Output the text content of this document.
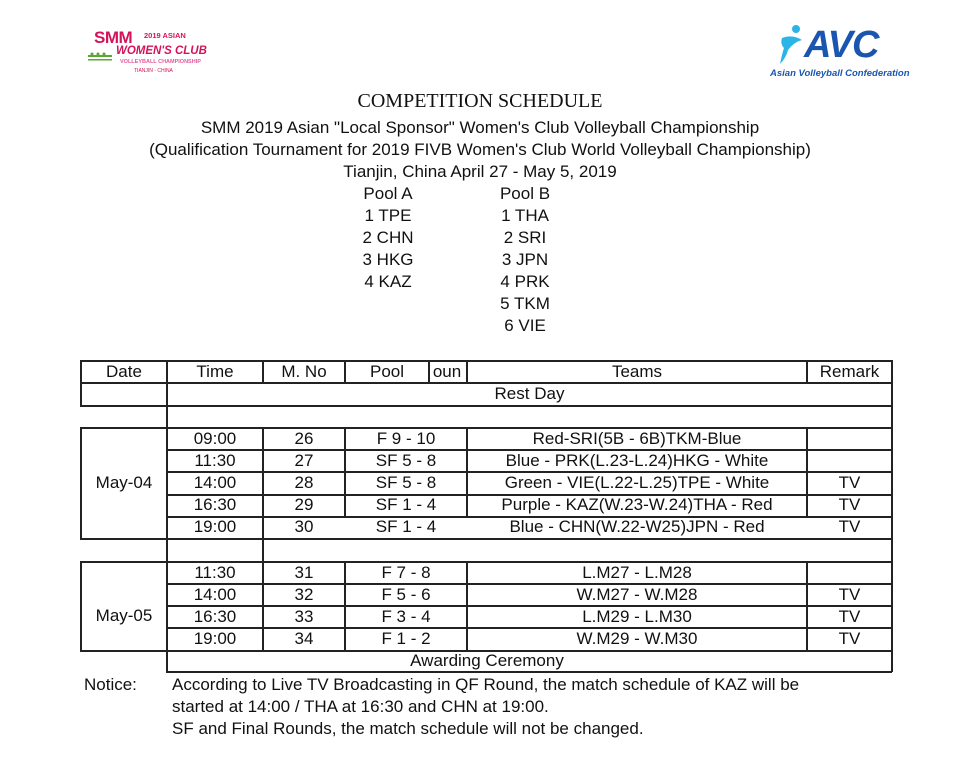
SMM 2019 ASIAN
WOMEN'S CLUB
VOLLEYBALL CHAMPIONSHIP
TIANJIN · CHINA
AVC
Asian Volleyball Confederation
COMPETITION SCHEDULE
SMM 2019 Asian "Local Sponsor" Women's Club Volleyball Championship
(Qualification Tournament for 2019 FIVB Women's Club World Volleyball Championship)
Tianjin, China April 27 - May 5, 2019
Pool A
1 TPE
2 CHN
3 HKG
4 KAZ
Pool B
1 THA
2 SRI
3 JPN
4 PRK
5 TKM
6 VIE
Date	Time	M. No	Pool	oun	Teams	Remark
Rest Day
May-04
09:00	26	F 9 - 10	Red-SRI(5B - 6B)TKM-Blue
11:30	27	SF 5 - 8	Blue - PRK(L.23-L.24)HKG - White
14:00	28	SF 5 - 8	Green - VIE(L.22-L.25)TPE - White	TV
16:30	29	SF 1 - 4	Purple - KAZ(W.23-W.24)THA - Red	TV
19:00	30	SF 1 - 4	Blue - CHN(W.22-W25)JPN - Red	TV
May-05
11:30	31	F 7 - 8	L.M27 - L.M28
14:00	32	F 5 - 6	W.M27 - W.M28	TV
16:30	33	F 3 - 4	L.M29 - L.M30	TV
19:00	34	F 1 - 2	W.M29 - W.M30	TV
Awarding Ceremony
Notice: According to Live TV Broadcasting in QF Round, the match schedule of KAZ will be
started at 14:00 / THA at 16:30 and CHN at 19:00.
SF and Final Rounds, the match schedule will not be changed.
